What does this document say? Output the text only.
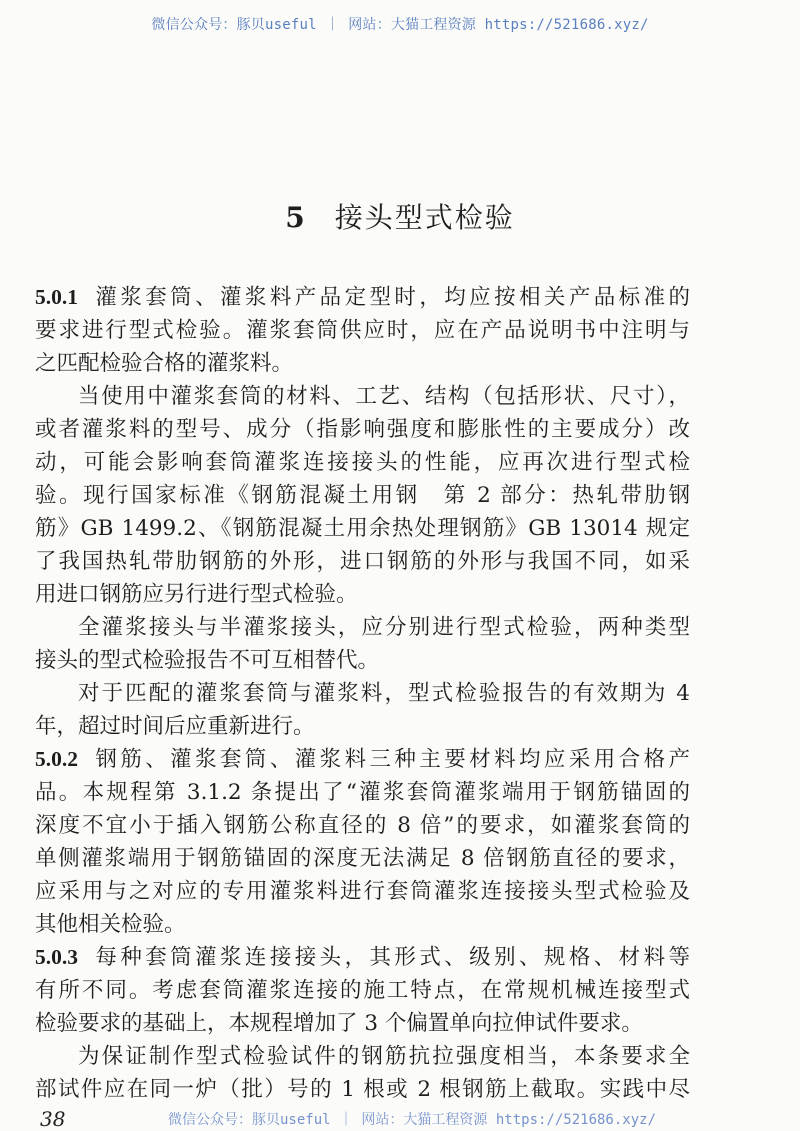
微信公众号：豚贝useful ｜ 网站：大猫工程资源 https://521686.xyz/
5 接头型式检验
5.0.1 灌浆套筒、灌浆料产品定型时，均应按相关产品标准的
要求进行型式检验。灌浆套筒供应时，应在产品说明书中注明与
之匹配检验合格的灌浆料。
当使用中灌浆套筒的材料、工艺、结构（包括形状、尺寸），
或者灌浆料的型号、成分（指影响强度和膨胀性的主要成分）改
动，可能会影响套筒灌浆连接接头的性能，应再次进行型式检
验。现行国家标准《钢筋混凝土用钢　第 2 部分：热轧带肋钢
筋》GB 1499.2、《钢筋混凝土用余热处理钢筋》GB 13014 规定
了我国热轧带肋钢筋的外形，进口钢筋的外形与我国不同，如采
用进口钢筋应另行进行型式检验。
全灌浆接头与半灌浆接头，应分别进行型式检验，两种类型
接头的型式检验报告不可互相替代。
对于匹配的灌浆套筒与灌浆料，型式检验报告的有效期为 4
年，超过时间后应重新进行。
5.0.2 钢筋、灌浆套筒、灌浆料三种主要材料均应采用合格产
品。本规程第 3.1.2 条提出了“灌浆套筒灌浆端用于钢筋锚固的
深度不宜小于插入钢筋公称直径的 8 倍”的要求，如灌浆套筒的
单侧灌浆端用于钢筋锚固的深度无法满足 8 倍钢筋直径的要求，
应采用与之对应的专用灌浆料进行套筒灌浆连接接头型式检验及
其他相关检验。
5.0.3 每种套筒灌浆连接接头，其形式、级别、规格、材料等
有所不同。考虑套筒灌浆连接的施工特点，在常规机械连接型式
检验要求的基础上，本规程增加了 3 个偏置单向拉伸试件要求。
为保证制作型式检验试件的钢筋抗拉强度相当，本条要求全
部试件应在同一炉（批）号的 1 根或 2 根钢筋上截取。实践中尽
38	微信公众号：豚贝useful ｜ 网站：大猫工程资源 https://521686.xyz/
